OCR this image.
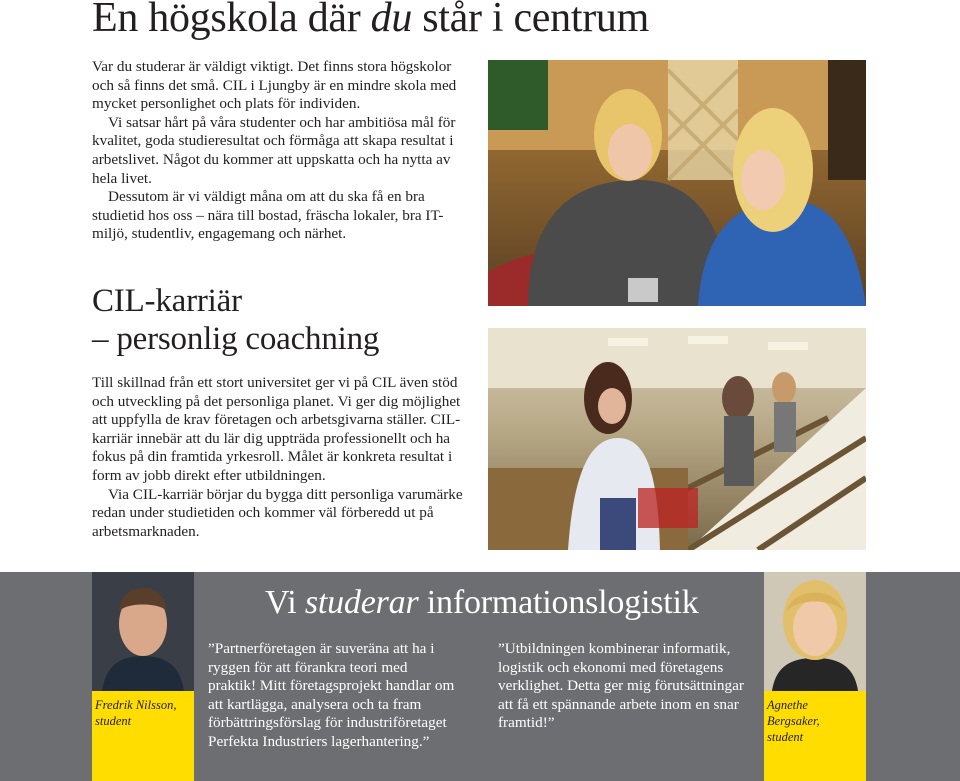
En högskola där du står i centrum

Var du studerar är väldigt viktigt. Det finns stora högskolor och så finns det små. CIL i Ljungby är en mindre skola med mycket personlighet och plats för individen.

Vi satsar hårt på våra studenter och har ambitiösa mål för kvalitet, goda studieresultat och förmåga att skapa resultat i arbetslivet. Något du kommer att uppskatta och ha nytta av hela livet.

Dessutom är vi väldigt måna om att du ska få en bra studietid hos oss – nära till bostad, fräscha lokaler, bra IT-miljö, studentliv, engagemang och närhet.

CIL-karriär
– personlig coachning

Till skillnad från ett stort universitet ger vi på CIL även stöd och utveckling på det personliga planet. Vi ger dig möjlighet att uppfylla de krav företagen och arbetsgivarna ställer. CIL-karriär innebär att du lär dig uppträda professionellt och ha fokus på din framtida yrkesroll. Målet är konkreta resultat i form av jobb direkt efter utbildningen.

Via CIL-karriär börjar du bygga ditt personliga varumärke redan under studietiden och kommer väl förberedd ut på arbetsmarknaden.

Fredrik Nilsson,
student
Agnethe Bergsaker,
student
Vi studerar informationslogistik

”Partnerföretagen är suveräna att ha i ryggen för att förankra teori med praktik! Mitt företagsprojekt handlar om att kartlägga, analysera och ta fram förbättringsförslag för industriföretaget Perfekta Industriers lagerhantering.”

”Utbildningen kombinerar informatik, logistik och ekonomi med företagens verklighet. Detta ger mig förutsättningar att få ett spännande arbete inom en snar framtid!”
